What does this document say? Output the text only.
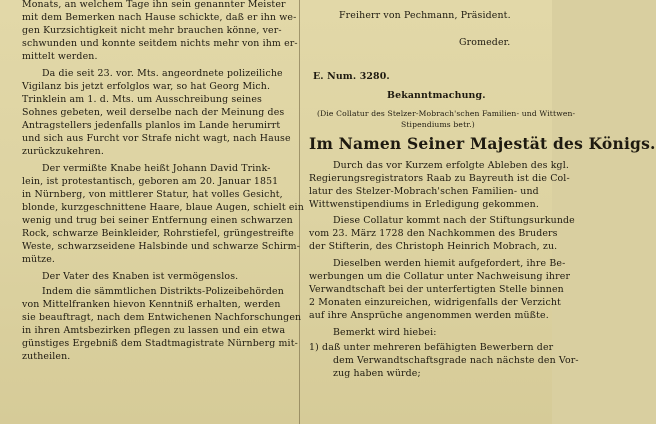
Monats, an welchem Tage ihn sein genannter Meister
mit dem Bemerken nach Hause schickte, daß er ihn we-
gen Kurzsichtigkeit nicht mehr brauchen könne, ver-
schwunden und konnte seitdem nichts mehr von ihm er-
mittelt werden.
Da die seit 23. vor. Mts. angeordnete polizeiliche
Vigilanz bis jetzt erfolglos war, so hat Georg Mich.
Trinklein am 1. d. Mts. um Ausschreibung seines
Sohnes gebeten, weil derselbe nach der Meinung des
Antragstellers jedenfalls planlos im Lande herumirrt
und sich aus Furcht vor Strafe nicht wagt, nach Hause
zurückzukehren.
Der vermißte Knabe heißt Johann David Trink-
lein, ist protestantisch, geboren am 20. Januar 1851
in Nürnberg, von mittlerer Statur, hat volles Gesicht,
blonde, kurzgeschnittene Haare, blaue Augen, schielt ein
wenig und trug bei seiner Entfernung einen schwarzen
Rock, schwarze Beinkleider, Rohrstiefel, grüngestreifte
Weste, schwarzseidene Halsbinde und schwarze Schirm-
mütze.
Der Vater des Knaben ist vermögenslos.
Indem die sämmtlichen Distrikts-Polizeibehörden
von Mittelfranken hievon Kenntniß erhalten, werden
sie beauftragt, nach dem Entwichenen Nachforschungen
in ihren Amtsbezirken pflegen zu lassen und ein etwa
günstiges Ergebniß dem Stadtmagistrate Nürnberg mit-
zutheilen.
Freiherr von Pechmann, Präsident.
Gromeder.
E. Num. 3280.
Bekanntmachung.
(Die Collatur des Stelzer-Mobrach'schen Familien- und Wittwen-
Stipendiums betr.)
Im Namen Seiner Majestät des Königs.
Durch das vor Kurzem erfolgte Ableben des kgl.
Regierungsregistrators Raab zu Bayreuth ist die Col-
latur des Stelzer-Mobrach'schen Familien- und
Wittwenstipendiums in Erledigung gekommen.
Diese Collatur kommt nach der Stiftungsurkunde
vom 23. März 1728 den Nachkommen des Bruders
der Stifterin, des Christoph Heinrich Mobrach, zu.
Dieselben werden hiemit aufgefordert, ihre Be-
werbungen um die Collatur unter Nachweisung ihrer
Verwandtschaft bei der unterfertigten Stelle binnen
2 Monaten einzureichen, widrigenfalls der Verzicht
auf ihre Ansprüche angenommen werden müßte.
Bemerkt wird hiebei:
1) daß unter mehreren befähigten Bewerbern der
dem Verwandtschaftsgrade nach nächste den Vor-
zug haben würde;
